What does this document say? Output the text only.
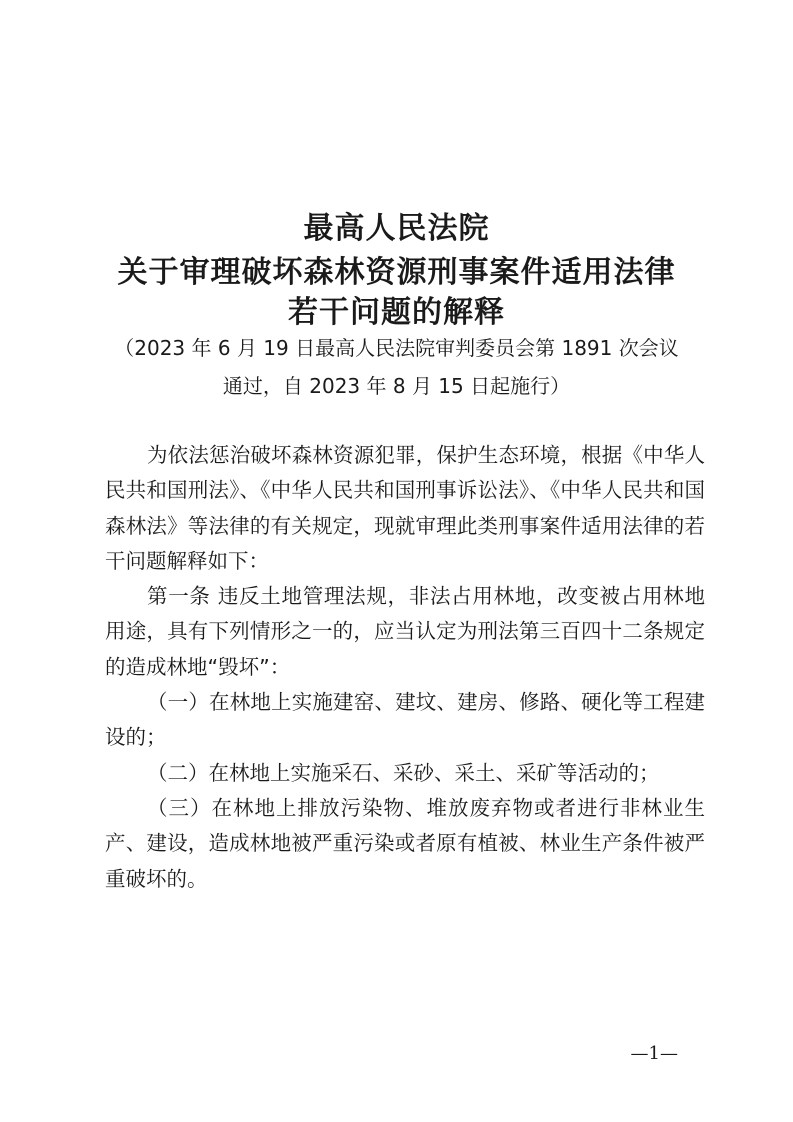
最高人民法院
关于审理破坏森林资源刑事案件适用法律
若干问题的解释
（2023 年 6 月 19 日最高人民法院审判委员会第 1891 次会议
通过，自 2023 年 8 月 15 日起施行）

为依法惩治破坏森林资源犯罪，保护生态环境，根据《中华人民共和国刑法》、《中华人民共和国刑事诉讼法》、《中华人民共和国森林法》等法律的有关规定，现就审理此类刑事案件适用法律的若干问题解释如下：

第一条 违反土地管理法规，非法占用林地，改变被占用林地用途，具有下列情形之一的，应当认定为刑法第三百四十二条规定的造成林地“毁坏”：

（一）在林地上实施建窑、建坟、建房、修路、硬化等工程建设的；

（二）在林地上实施采石、采砂、采土、采矿等活动的；

（三）在林地上排放污染物、堆放废弃物或者进行非林业生产、建设，造成林地被严重污染或者原有植被、林业生产条件被严重破坏的。

—1—
